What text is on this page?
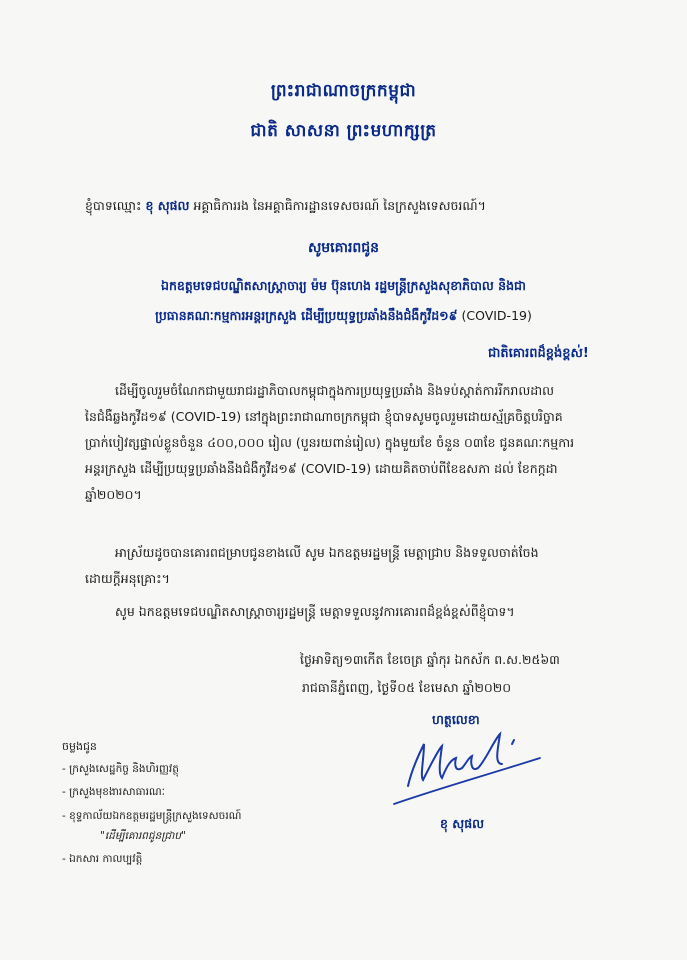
ព្រះរាជាណាចក្រកម្ពុជា
ជាតិ សាសនា ព្រះមហាក្សត្រ
ខ្ញុំបាទឈ្មោះ ខុ សុផល អគ្គាធិការរង នៃអគ្គាធិការដ្ឋានទេសចរណ៍ នៃក្រសួងទេសចរណ៍។
សូមគោរពជូន
ឯកឧត្តមទេជបណ្ឌិតសាស្ត្រាចារ្យ ម៉ម ប៊ុនហេង រដ្ឋមន្ត្រីក្រសួងសុខាភិបាល និងជា
ប្រធានគណៈកម្មការអន្តរក្រសួង ដើម្បីប្រយុទ្ធប្រឆាំងនឹងជំងឺកូវីដ១៩ (COVID-19)
ជាតិគោរពដ៏ខ្ពង់ខ្ពស់!
ដើម្បីចូលរួមចំណែកជាមួយរាជរដ្ឋាភិបាលកម្ពុជាក្នុងការប្រយុទ្ធប្រឆាំង និងទប់ស្កាត់ការរីករាលដាល
នៃជំងឺឆ្លងកូវីដ១៩ (COVID-19) នៅក្នុងព្រះរាជាណាចក្រកម្ពុជា ខ្ញុំបាទសូមចូលរួមដោយស្ម័គ្រចិត្តបរិច្ចាគ
ប្រាក់បៀវត្សផ្ទាល់ខ្លួនចំនួន ៤០០,០០០ រៀល (បួនរយពាន់រៀល) ក្នុងមួយខែ ចំនួន ០៣ខែ ជូនគណៈកម្មការ
អន្តរក្រសួង ដើម្បីប្រយុទ្ធប្រឆាំងនឹងជំងឺកូវីដ១៩ (COVID-19) ដោយគិតចាប់ពីខែឧសភា ដល់ ខែកក្កដា
ឆ្នាំ២០២០។
អាស្រ័យដូចបានគោរពជម្រាបជូនខាងលើ សូម ឯកឧត្តមរដ្ឋមន្ត្រី មេត្តាជ្រាប និងទទួលចាត់ចែង
ដោយក្តីអនុគ្រោះ។
សូម ឯកឧត្តមទេជបណ្ឌិតសាស្ត្រាចារ្យរដ្ឋមន្ត្រី មេត្តាទទួលនូវការគោរពដ៏ខ្ពង់ខ្ពស់ពីខ្ញុំបាទ។
ថ្ងៃអាទិត្យ១៣កើត ខែចេត្រ ឆ្នាំកុរ ឯកស័ក ព.ស.២៥៦៣
រាជធានីភ្នំពេញ, ថ្ងៃទី០៥ ខែមេសា ឆ្នាំ២០២០
ហត្ថលេខា
ខុ សុផល
ចម្លងជូន
- ក្រសួងសេដ្ឋកិច្ច និងហិរញ្ញវត្ថុ
- ក្រសួងមុខងារសាធារណៈ
- ខុទ្ទកាល័យឯកឧត្តមរដ្ឋមន្ត្រីក្រសួងទេសចរណ៍
"ដើម្បីគោរពជូនជ្រាប"
- ឯកសារ កាលប្បវត្តិ
